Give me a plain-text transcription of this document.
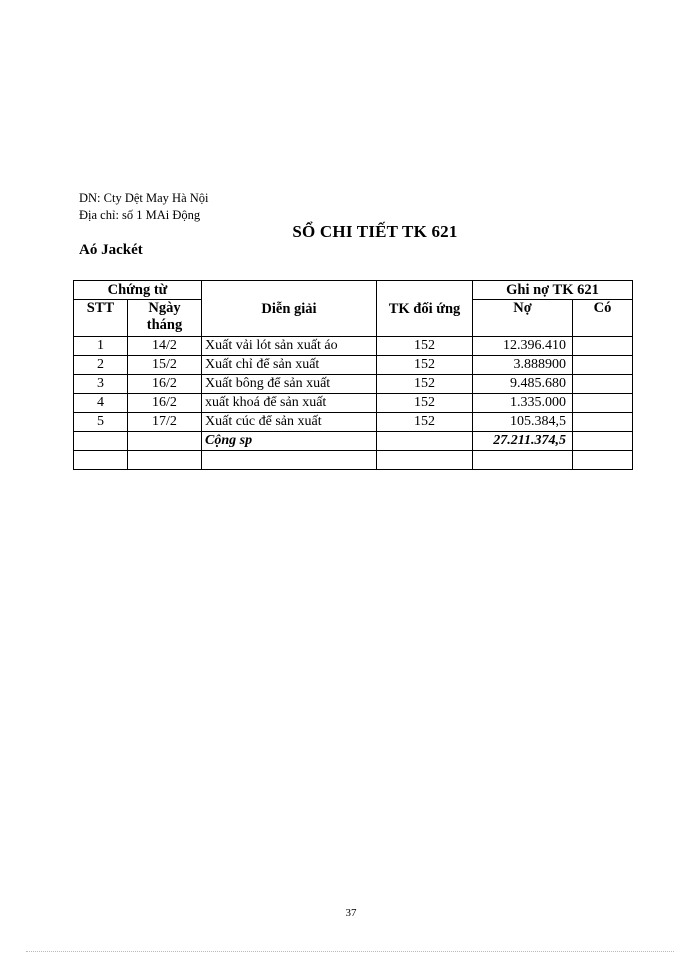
DN: Cty Dệt May Hà Nội
Địa chỉ: số 1 MAi Động
SỔ CHI TIẾT TK 621
Aó Jackét
Chứng từ		Diễn giải	TK đối ứng	Ghi nợ TK 621	
STT	Ngày tháng			Nợ	Có
1	14/2	Xuất vải lót sản xuất áo	152	12.396.410	
2	15/2	Xuất chỉ để sản xuất	152	3.888900	
3	16/2	Xuất bông để sản xuất	152	9.485.680	
4	16/2	xuất khoá để sản xuất	152	1.335.000	
5	17/2	Xuất cúc để sản xuất	152	105.384,5	
		Cộng sp		27.211.374,5	

37
